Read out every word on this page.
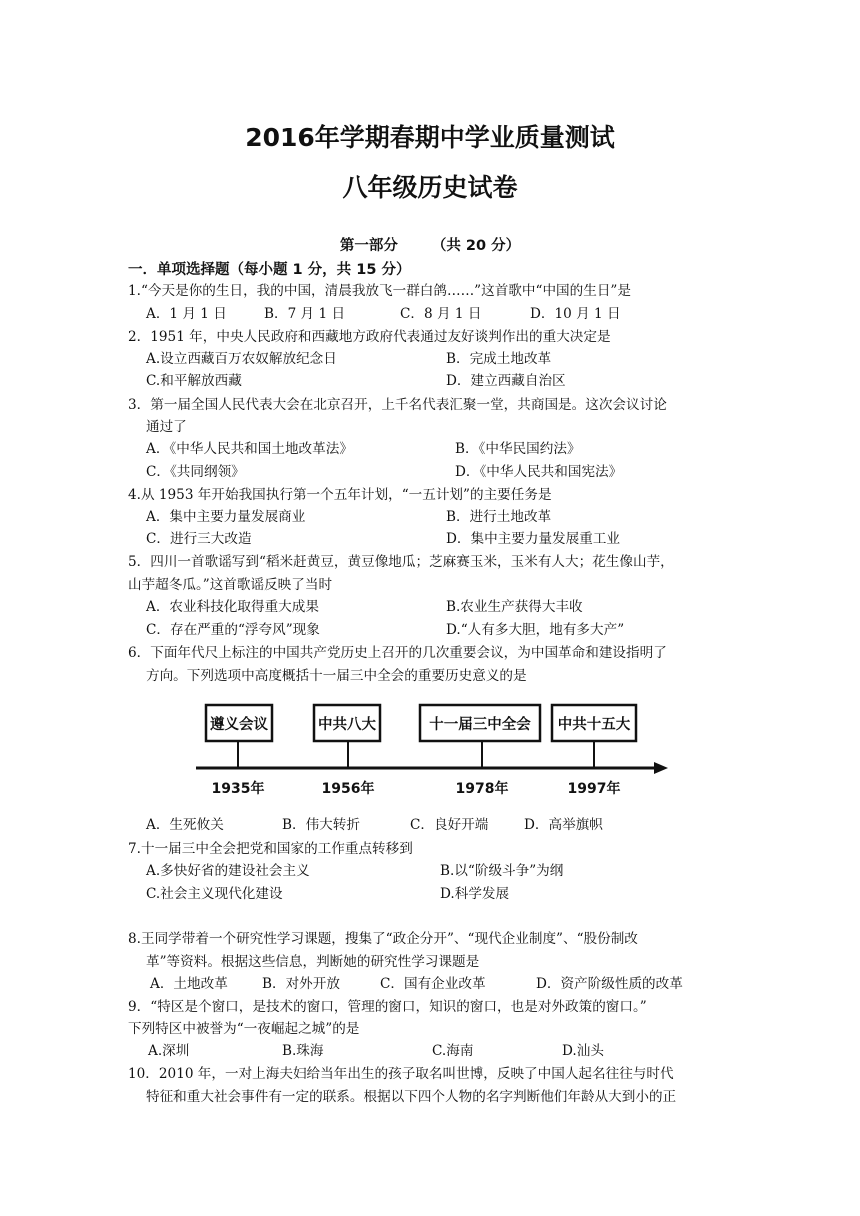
2016年学期春期中学业质量测试
八年级历史试卷
第一部分 （共 20 分）
一．单项选择题（每小题 1 分，共 15 分）
1.“今天是你的生日，我的中国，清晨我放飞一群白鸽……”这首歌中“中国的生日”是
A．1 月 1 日	B．7 月 1 日	C．8 月 1 日	D．10 月 1 日
2．1951 年，中央人民政府和西藏地方政府代表通过友好谈判作出的重大决定是
A.设立西藏百万农奴解放纪念日	B．完成土地改革
C.和平解放西藏	D．建立西藏自治区
3．第一届全国人民代表大会在北京召开，上千名代表汇聚一堂，共商国是。这次会议讨论
通过了
A．《中华人民共和国土地改革法》	B．《中华民国约法》
C．《共同纲领》	D．《中华人民共和国宪法》
4.从 1953 年开始我国执行第一个五年计划，“一五计划”的主要任务是
A．集中主要力量发展商业	B．进行土地改革
C．进行三大改造	D．集中主要力量发展重工业
5．四川一首歌谣写到“稻米赶黄豆，黄豆像地瓜；芝麻赛玉米，玉米有人大；花生像山芋，
山芋超冬瓜。”这首歌谣反映了当时
A．农业科技化取得重大成果	B.农业生产获得大丰收
C．存在严重的“浮夸风”现象	D.“人有多大胆，地有多大产”
6．下面年代尺上标注的中国共产党历史上召开的几次重要会议，为中国革命和建设指明了
方向。下列选项中高度概括十一届三中全会的重要历史意义的是
遵义会议	中共八大	十一届三中全会 中共十五大
1935年	1956年	1978年	1997年
A．生死攸关	B．伟大转折	C．良好开端	D．高举旗帜
7.十一届三中全会把党和国家的工作重点转移到
A.多快好省的建设社会主义	B.以“阶级斗争”为纲
C.社会主义现代化建设	D.科学发展
8.王同学带着一个研究性学习课题，搜集了“政企分开”、“现代企业制度”、“股份制改
革”等资料。根据这些信息，判断她的研究性学习课题是
A．土地改革	B．对外开放	C．国有企业改革	D．资产阶级性质的改革
9．“特区是个窗口，是技术的窗口，管理的窗口，知识的窗口，也是对外政策的窗口。”
下列特区中被誉为“一夜崛起之城”的是
A.深圳	B.珠海	C.海南	D.汕头
10．2010 年，一对上海夫妇给当年出生的孩子取名叫世博，反映了中国人起名往往与时代
特征和重大社会事件有一定的联系。根据以下四个人物的名字判断他们年龄从大到小的正
